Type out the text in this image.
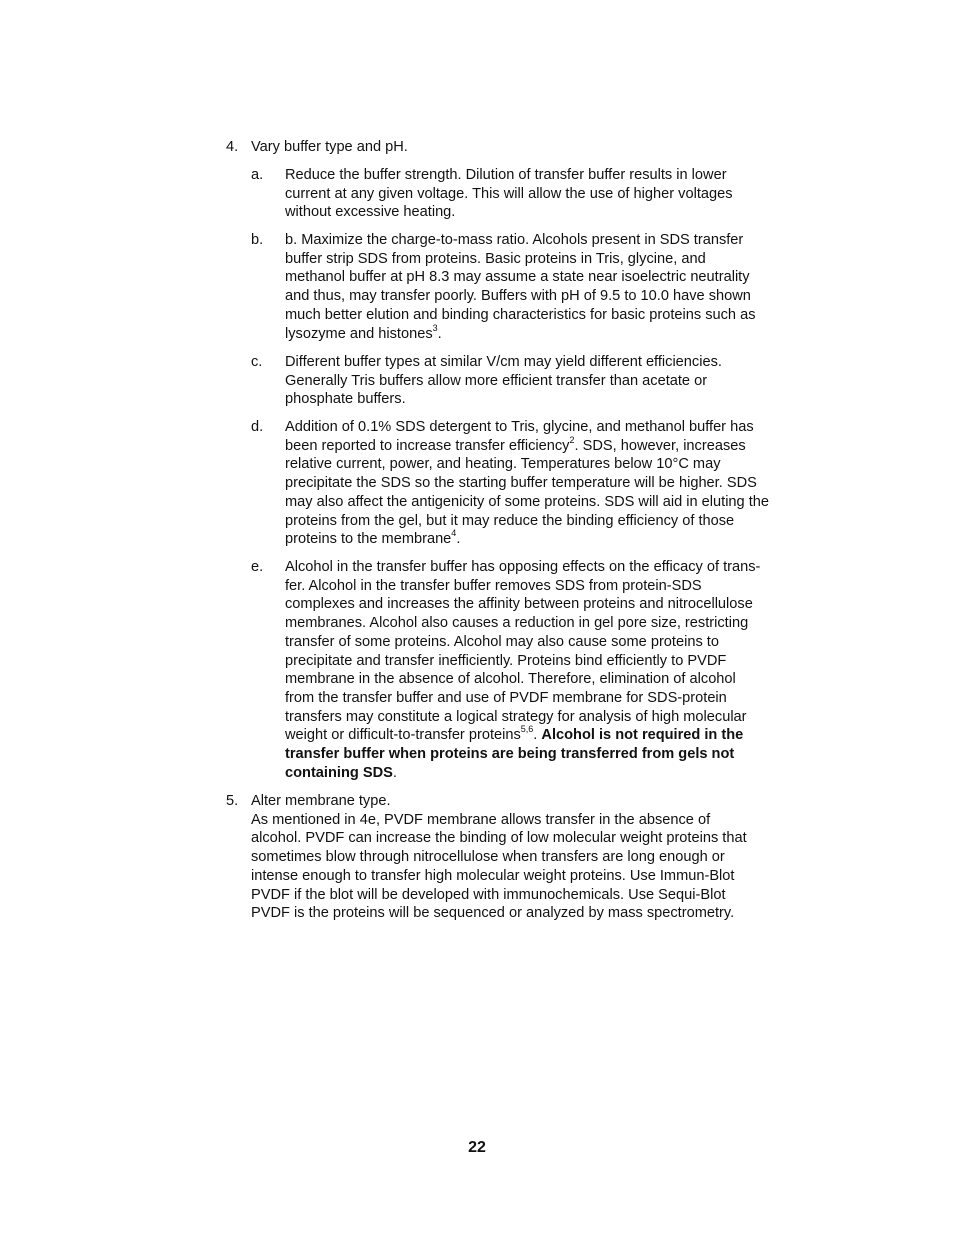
4. Vary buffer type and pH.
a. Reduce the buffer strength. Dilution of transfer buffer results in lower
current at any given voltage. This will allow the use of higher voltages
without excessive heating.
b. b. Maximize the charge-to-mass ratio. Alcohols present in SDS transfer
buffer strip SDS from proteins. Basic proteins in Tris, glycine, and
methanol buffer at pH 8.3 may assume a state near isoelectric neutrality
and thus, may transfer poorly. Buffers with pH of 9.5 to 10.0 have shown
much better elution and binding characteristics for basic proteins such as
lysozyme and histones$^3$.
c. Different buffer types at similar V/cm may yield different efficiencies.
Generally Tris buffers allow more efficient transfer than acetate or
phosphate buffers.
d. Addition of 0.1% SDS detergent to Tris, glycine, and methanol buffer has
been reported to increase transfer efficiency$^2$. SDS, however, increases
relative current, power, and heating. Temperatures below 10°C may
precipitate the SDS so the starting buffer temperature will be higher. SDS
may also affect the antigenicity of some proteins. SDS will aid in eluting the
proteins from the gel, but it may reduce the binding efficiency of those
proteins to the membrane$^4$.
e. Alcohol in the transfer buffer has opposing effects on the efficacy of trans-
fer. Alcohol in the transfer buffer removes SDS from protein-SDS
complexes and increases the affinity between proteins and nitrocellulose
membranes. Alcohol also causes a reduction in gel pore size, restricting
transfer of some proteins. Alcohol may also cause some proteins to
precipitate and transfer inefficiently. Proteins bind efficiently to PVDF
membrane in the absence of alcohol. Therefore, elimination of alcohol
from the transfer buffer and use of PVDF membrane for SDS-protein
transfers may constitute a logical strategy for analysis of high molecular
weight or difficult-to-transfer proteins$^{5,6}$. Alcohol is not required in the
transfer buffer when proteins are being transferred from gels not
containing SDS.
5. Alter membrane type.
As mentioned in 4e, PVDF membrane allows transfer in the absence of
alcohol. PVDF can increase the binding of low molecular weight proteins that
sometimes blow through nitrocellulose when transfers are long enough or
intense enough to transfer high molecular weight proteins. Use Immun-Blot
PVDF if the blot will be developed with immunochemicals. Use Sequi-Blot
PVDF is the proteins will be sequenced or analyzed by mass spectrometry.
22
